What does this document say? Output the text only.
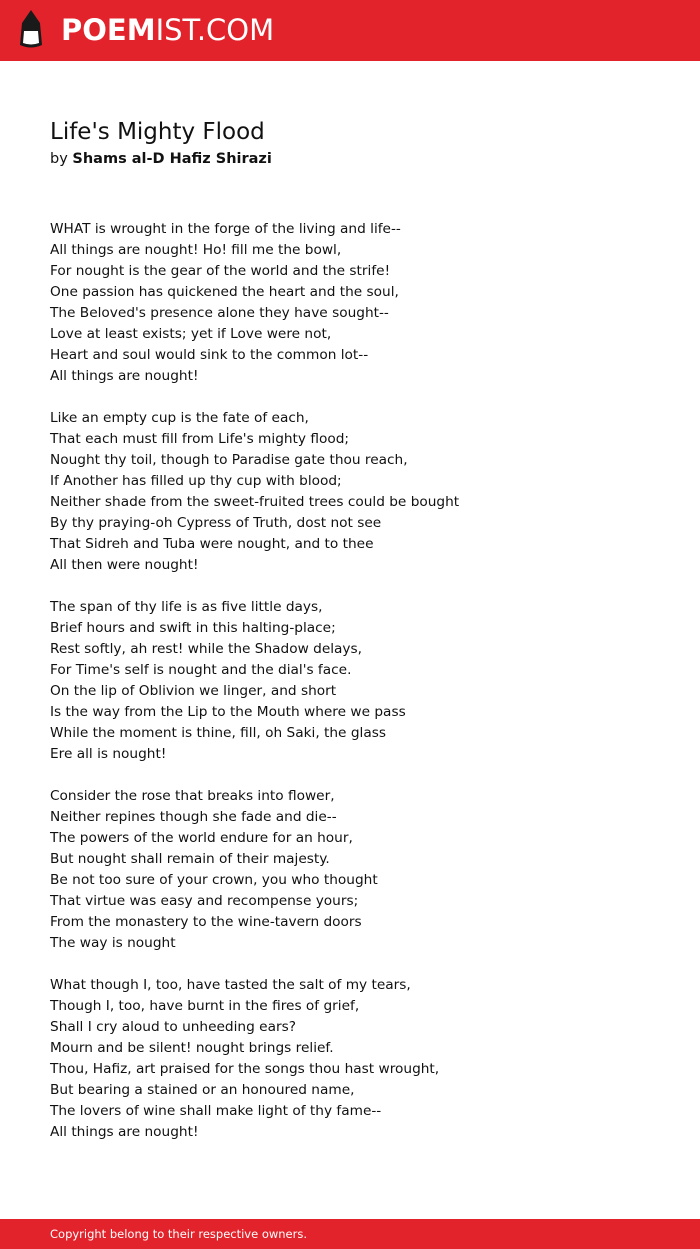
POEMIST.COM
Life's Mighty Flood
by Shams al-D Hafiz Shirazi
WHAT is wrought in the forge of the living and life--
All things are nought! Ho! fill me the bowl,
For nought is the gear of the world and the strife!
One passion has quickened the heart and the soul,
The Beloved's presence alone they have sought--
Love at least exists; yet if Love were not,
Heart and soul would sink to the common lot--
All things are nought!
Like an empty cup is the fate of each,
That each must fill from Life's mighty flood;
Nought thy toil, though to Paradise gate thou reach,
If Another has filled up thy cup with blood;
Neither shade from the sweet-fruited trees could be bought
By thy praying-oh Cypress of Truth, dost not see
That Sidreh and Tuba were nought, and to thee
All then were nought!
The span of thy life is as five little days,
Brief hours and swift in this halting-place;
Rest softly, ah rest! while the Shadow delays,
For Time's self is nought and the dial's face.
On the lip of Oblivion we linger, and short
Is the way from the Lip to the Mouth where we pass
While the moment is thine, fill, oh Saki, the glass
Ere all is nought!
Consider the rose that breaks into flower,
Neither repines though she fade and die--
The powers of the world endure for an hour,
But nought shall remain of their majesty.
Be not too sure of your crown, you who thought
That virtue was easy and recompense yours;
From the monastery to the wine-tavern doors
The way is nought
What though I, too, have tasted the salt of my tears,
Though I, too, have burnt in the fires of grief,
Shall I cry aloud to unheeding ears?
Mourn and be silent! nought brings relief.
Thou, Hafiz, art praised for the songs thou hast wrought,
But bearing a stained or an honoured name,
The lovers of wine shall make light of thy fame--
All things are nought!
Copyright belong to their respective owners.
